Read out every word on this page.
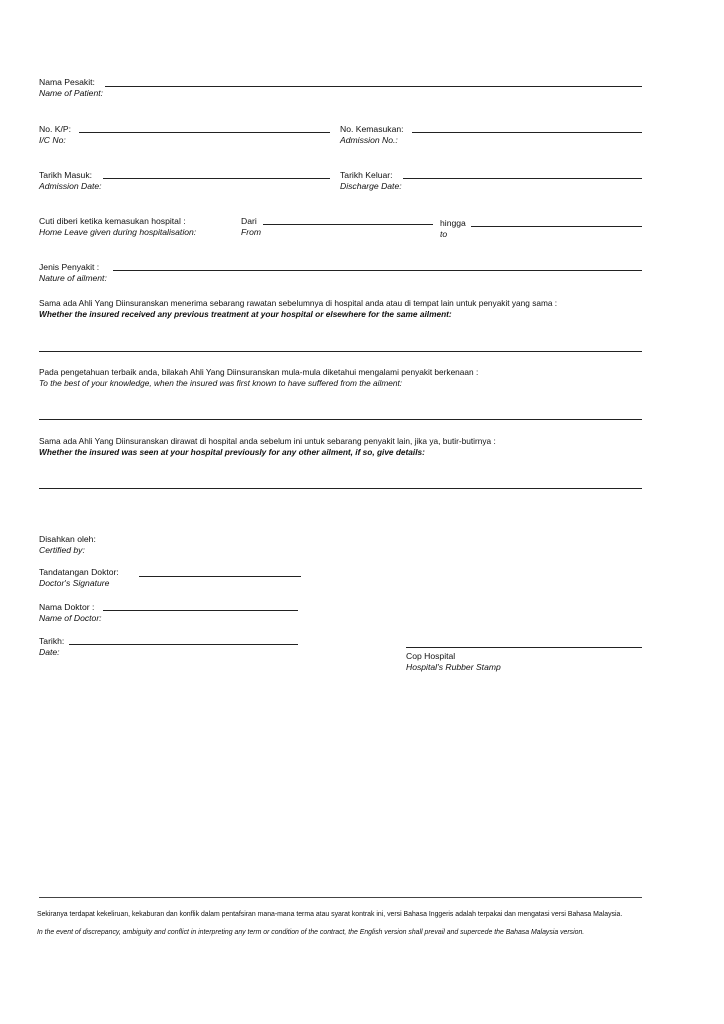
Nama Pesakit:
Name of Patient:
No. K/P:
I/C No:
No. Kemasukan:
Admission No.:
Tarikh Masuk:
Admission Date:
Tarikh Keluar:
Discharge Date:
Cuti diberi ketika kemasukan hospital :
Home Leave given during hospitalisation:
Dari
From
hingga
to
Jenis Penyakit :
Nature of ailment:
Sama ada Ahli Yang Diinsuranskan menerima sebarang rawatan sebelumnya di hospital anda atau di tempat lain untuk penyakit yang sama :
Whether the insured received any previous treatment at your hospital or elsewhere for the same ailment:
Pada pengetahuan terbaik anda, bilakah Ahli Yang Diinsuranskan mula-mula diketahui mengalami penyakit berkenaan :
To the best of your knowledge, when the insured was first known to have suffered from the ailment:
Sama ada Ahli Yang Diinsuranskan dirawat di hospital anda sebelum ini untuk sebarang penyakit lain, jika ya, butir-butirnya :
Whether the insured was seen at your hospital previously for any other ailment, if so, give details:
Disahkan oleh:
Certified by:
Tandatangan Doktor:
Doctor's Signature
Nama Doktor :
Name of Doctor:
Tarikh:
Date:	Cop Hospital
Hospital's Rubber Stamp
Sekiranya terdapat kekeliruan, kekaburan dan konflik dalam pentafsiran mana-mana terma atau syarat kontrak ini, versi Bahasa Inggeris adalah terpakai dan mengatasi versi Bahasa Malaysia.
In the event of discrepancy, ambiguity and conflict in interpreting any term or condition of the contract, the English version shall prevail and supercede the Bahasa Malaysia version.
